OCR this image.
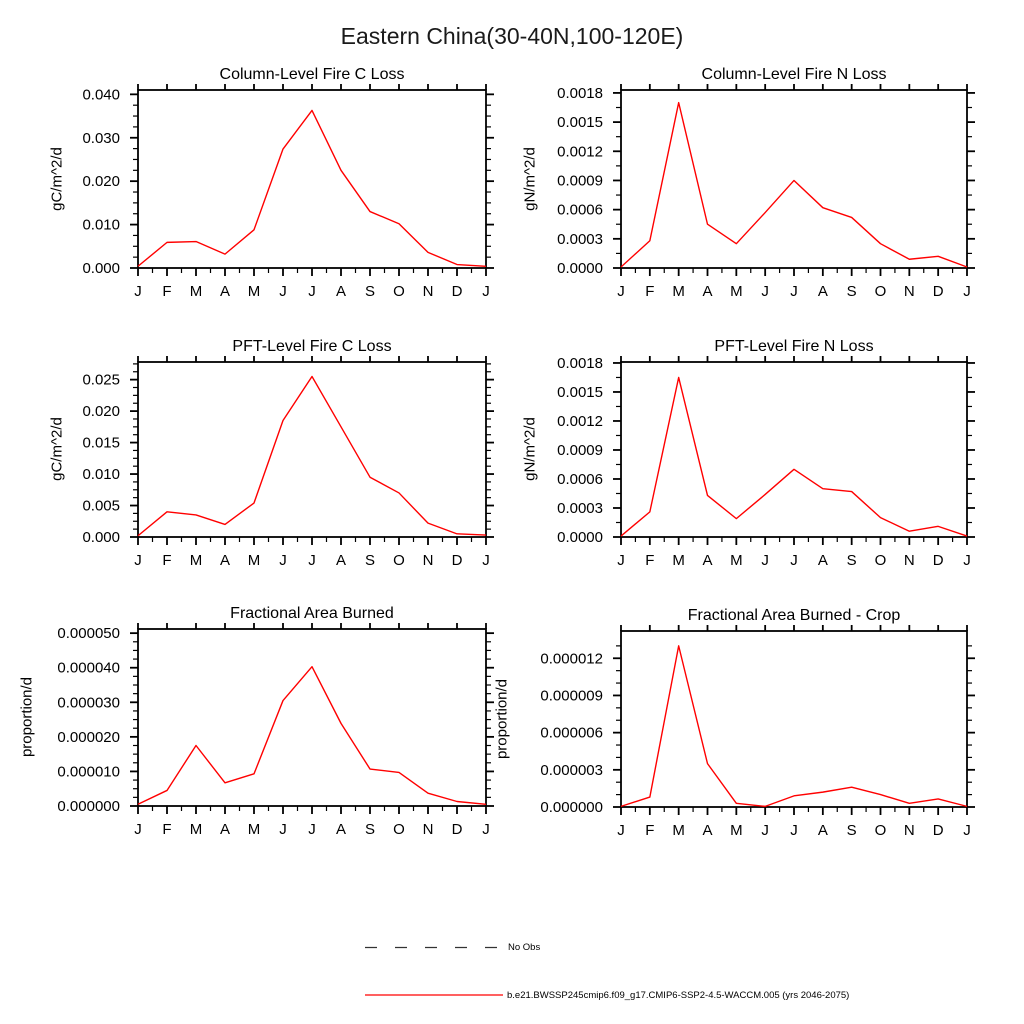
J F M A M J J A S O N D J
0.000
0.010
0.020
0.030
0.040
J F M A M J J A S O N D J
0.0000
0.0003
0.0006
0.0009
0.0012
0.0015
0.0018
J F M A M J J A S O N D J
0.000
0.005
0.010
0.015
0.020
0.025
J F M A M J J A S O N D J
0.0000
0.0003
0.0006
0.0009
0.0012
0.0015
0.0018
J F M A M J J A S O N D J
0.000000
0.000010
0.000020
0.000030
0.000040
0.000050
J F M A M J J A S O N D J
0.000000
0.000003
0.000006
0.000009
0.000012
Eastern China(30-40N,100-120E)
Column-Level Fire C Loss	Column-Level Fire N Loss
PFT-Level Fire C Loss	PFT-Level Fire N Loss
Fractional Area Burned	Fractional Area Burned - Crop
gC/m^2/d	gN/m^2/d
gC/m^2/d	gN/m^2/d
proportion/d	proportion/d
No Obs
b.e21.BWSSP245cmip6.f09_g17.CMIP6-SSP2-4.5-WACCM.005 (yrs 2046-2075)
